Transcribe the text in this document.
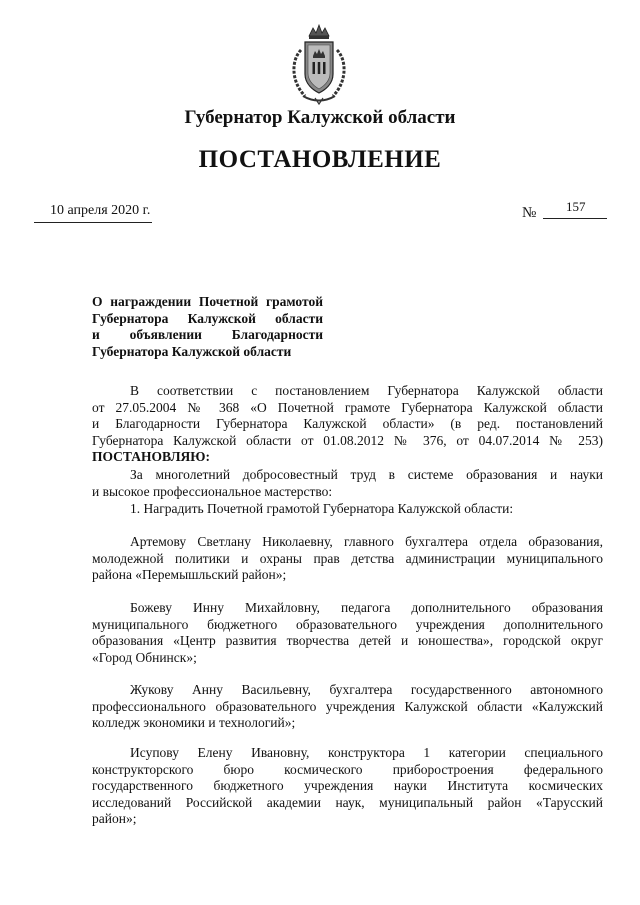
Губернатор Калужской области
ПОСТАНОВЛЕНИЕ
10 апреля 2020 г.	№ 157
О награждении Почетной грамотой
Губернатора Калужской области
и объявлении Благодарности
Губернатора Калужской области
В соответствии с постановлением Губернатора Калужской области
от 27.05.2004 № 368 «О Почетной грамоте Губернатора Калужской области
и Благодарности Губернатора Калужской области» (в ред. постановлений
Губернатора Калужской области от 01.08.2012 № 376, от 04.07.2014 № 253)
ПОСТАНОВЛЯЮ:
За многолетний добросовестный труд в системе образования и науки
и высокое профессиональное мастерство:
1. Наградить Почетной грамотой Губернатора Калужской области:
Артемову Светлану Николаевну, главного бухгалтера отдела образования,
молодежной политики и охраны прав детства администрации муниципального
района «Перемышльский район»;
Божеву Инну Михайловну, педагога дополнительного образования
муниципального бюджетного образовательного учреждения дополнительного
образования «Центр развития творчества детей и юношества», городской округ
«Город Обнинск»;
Жукову Анну Васильевну, бухгалтера государственного автономного
профессионального образовательного учреждения Калужской области «Калужский
колледж экономики и технологий»;
Исупову Елену Ивановну, конструктора 1 категории специального
конструкторского бюро космического приборостроения федерального
государственного бюджетного учреждения науки Института космических
исследований Российской академии наук, муниципальный район «Тарусский
район»;
